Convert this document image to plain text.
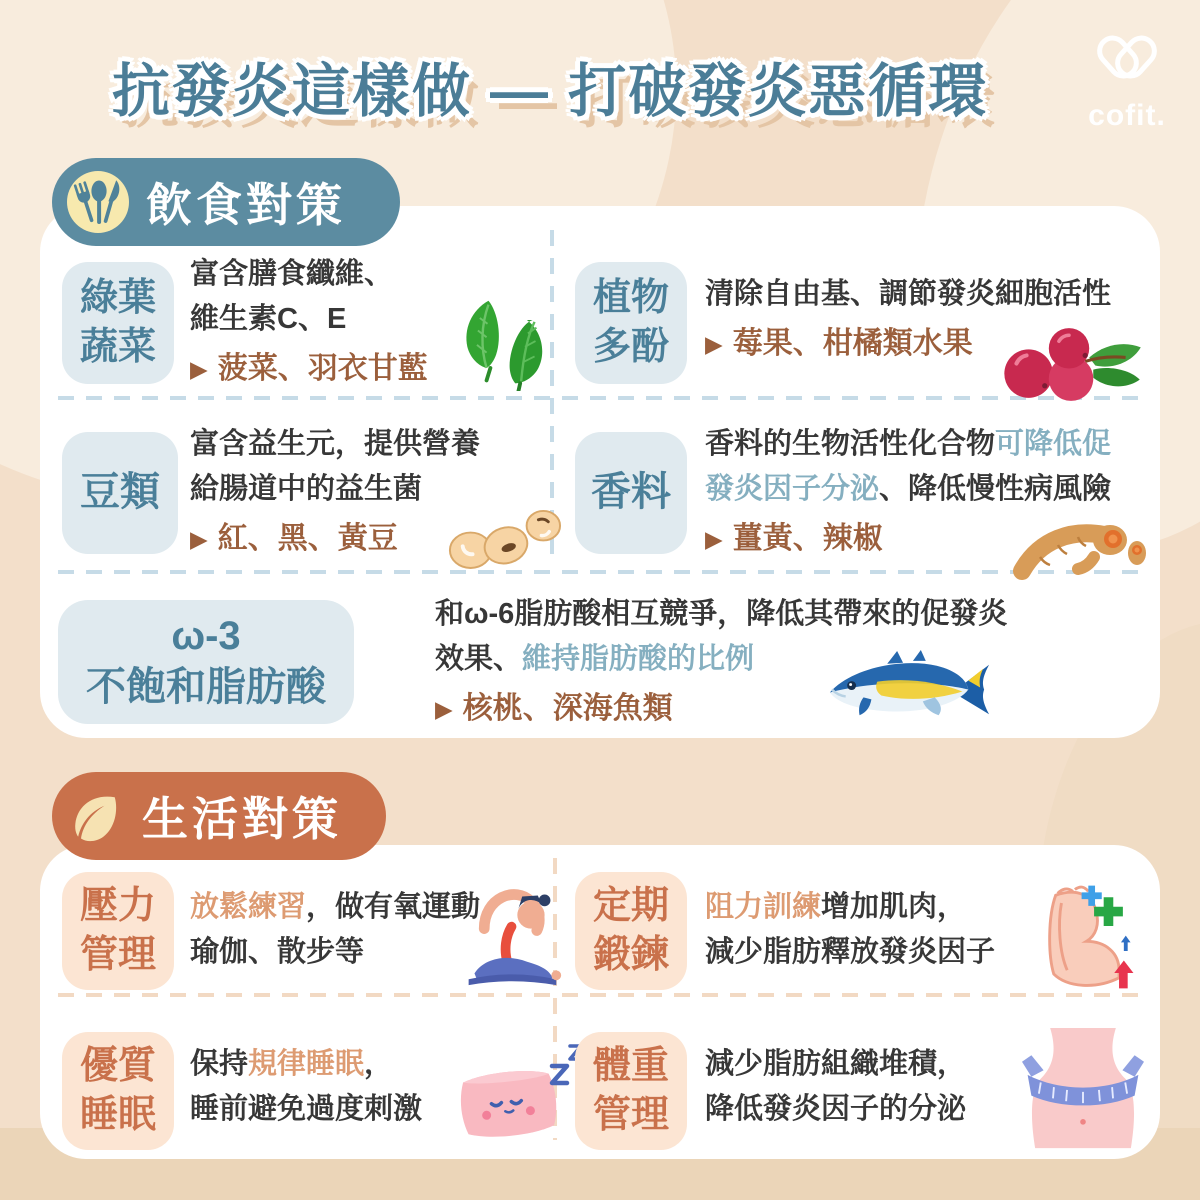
抗發炎這樣做 — 打破發炎惡循環	cofit.
飲食對策
綠葉
蔬菜
富含膳食纖維、
維生素C、E
▶ 菠菜、羽衣甘藍
植物
多酚
清除自由基、調節發炎細胞活性
▶ 莓果、柑橘類水果
豆類
富含益生元，提供營養
給腸道中的益生菌
▶ 紅、黑、黃豆
香料
香料的生物活性化合物可降低促
發炎因子分泌、降低慢性病風險
▶ 薑黃、辣椒
ω-3
不飽和脂肪酸
和ω-6脂肪酸相互競爭，降低其帶來的促發炎
效果、維持脂肪酸的比例
▶ 核桃、深海魚類
生活對策
壓力
管理
放鬆練習，做有氧運動
瑜伽、散步等
定期
鍛鍊
阻力訓練增加肌肉，
減少脂肪釋放發炎因子
優質
睡眠
保持規律睡眠，
睡前避免過度刺激
體重
管理
減少脂肪組織堆積，
降低發炎因子的分泌
